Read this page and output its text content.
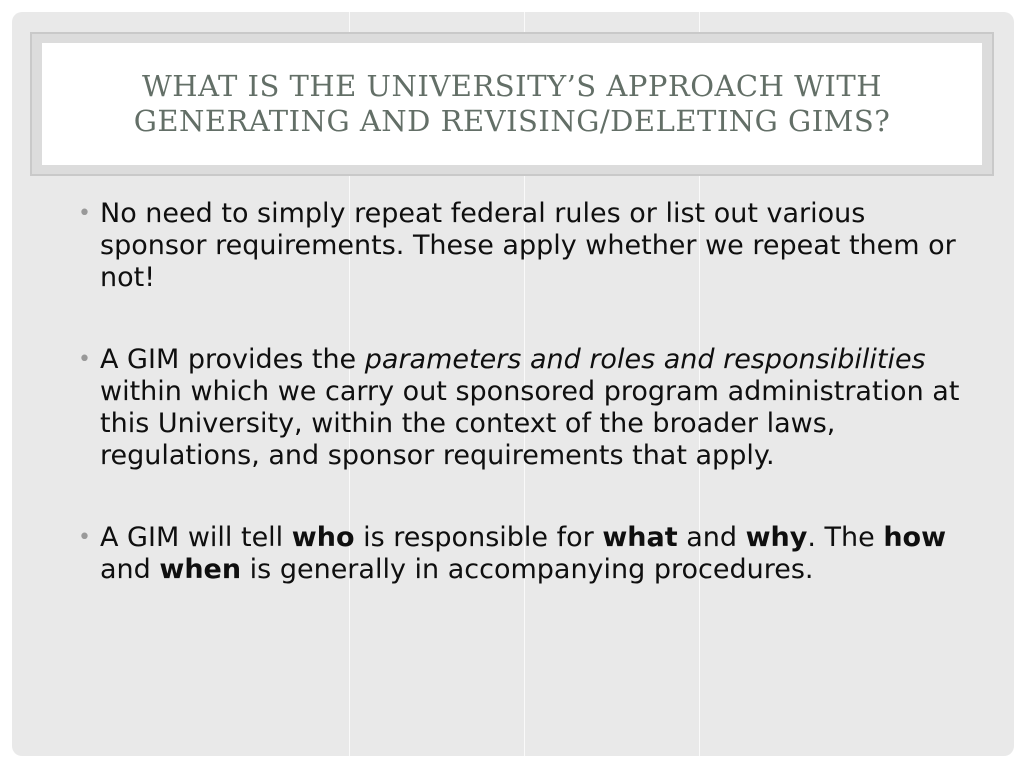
WHAT IS THE UNIVERSITY’S APPROACH WITH GENERATING AND REVISING/DELETING GIMS?
• No need to simply repeat federal rules or list out various sponsor requirements. These apply whether we repeat them or not!
• A GIM provides the parameters and roles and responsibilities within which we carry out sponsored program administration at this University, within the context of the broader laws, regulations, and sponsor requirements that apply.
• A GIM will tell who is responsible for what and why. The how and when is generally in accompanying procedures.
